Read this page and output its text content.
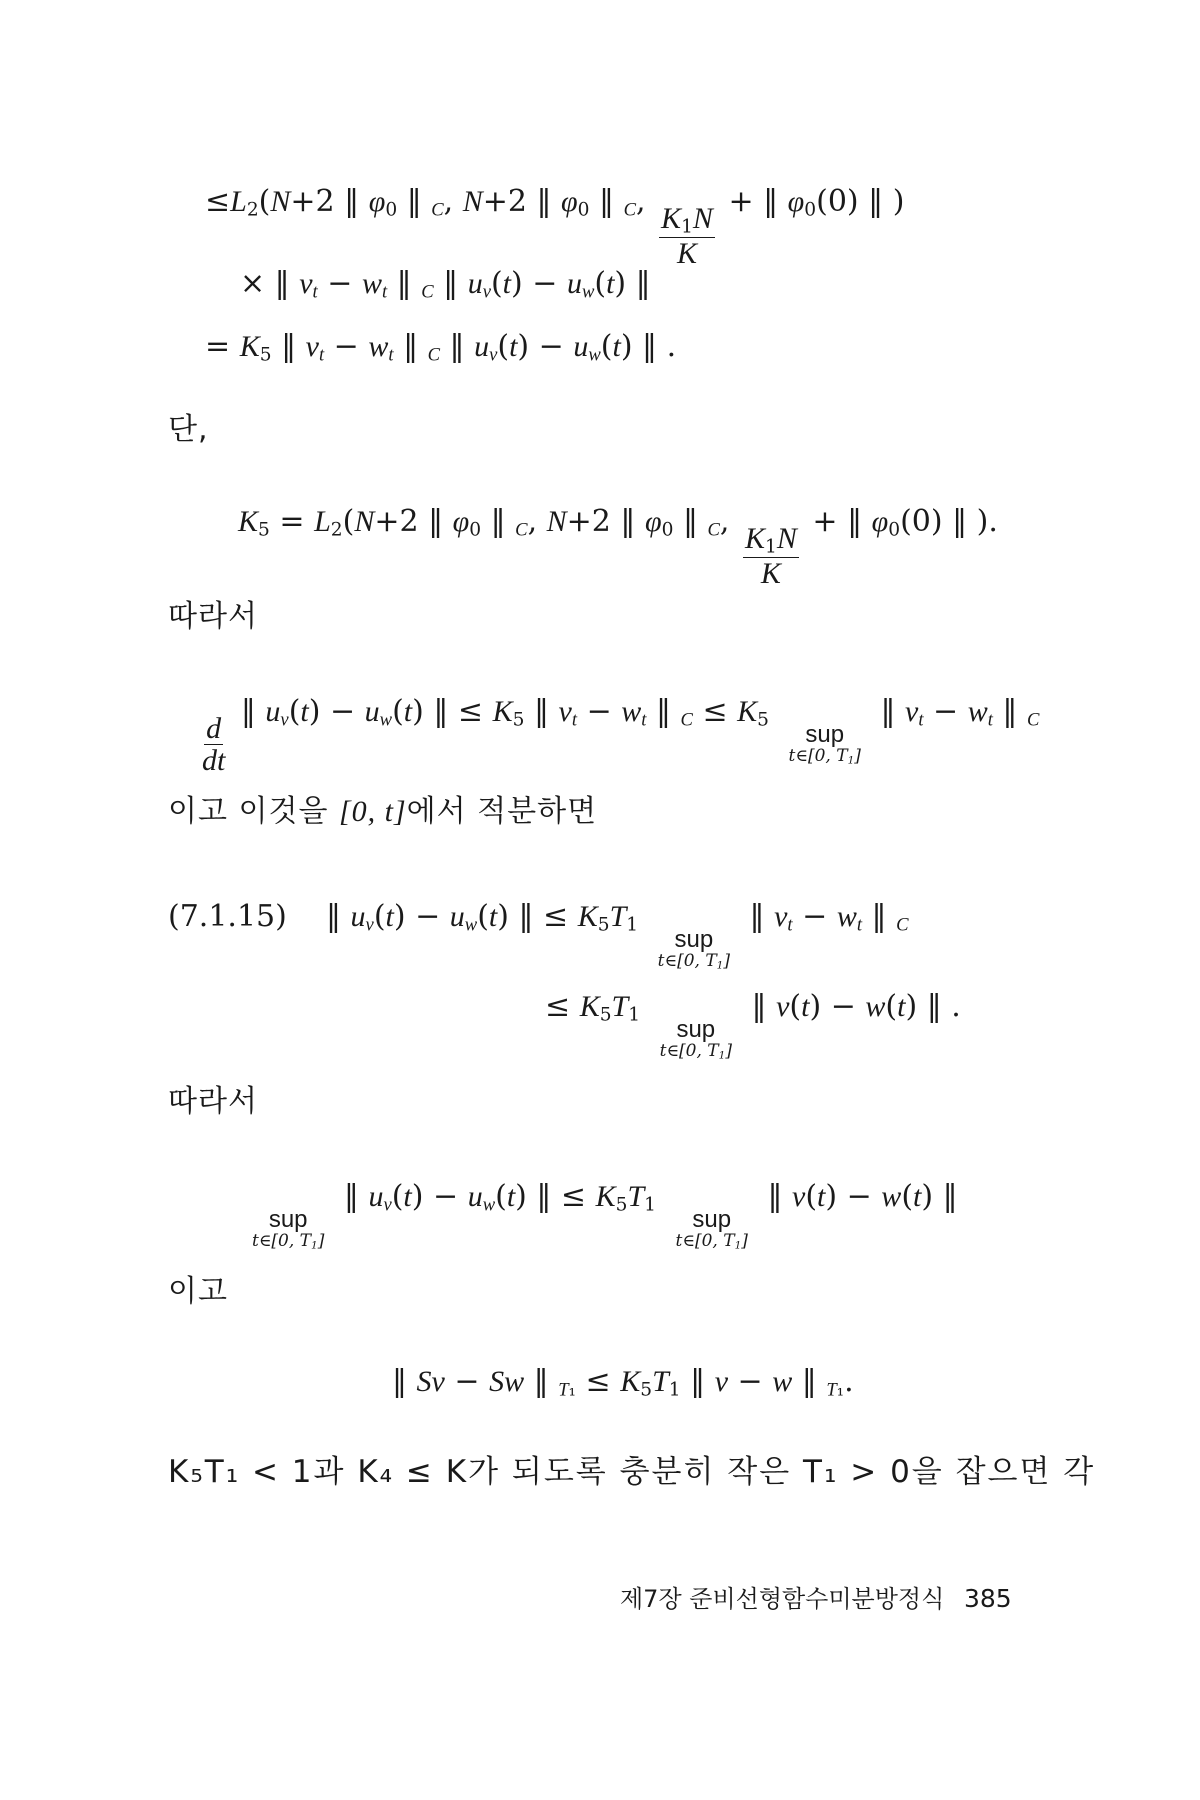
$\le L_2(N+2$ ‖ $\varphi_0$ ‖ $_C$, N+2 ‖ $\varphi_0$ ‖ $_C$,
$\frac{K_1N}{K}$
+ ‖ $\varphi_0(0)$ ‖ )
× ‖ $v_t - w_t$ ‖ $_C$ ‖ $u_v(t) - u_w(t)$ ‖
= $K_5$ ‖ $v_t - w_t$ ‖ $_C$ ‖ $u_v(t) - u_w(t)$ ‖ .
단,
$K_5 = L_2(N+2$ ‖ $\varphi_0$ ‖ $_C$, N+2 ‖ $\varphi_0$ ‖ $_C$,
$\frac{K_1N}{K}$
+ ‖ $\varphi_0(0)$ ‖ ).
따라서
$\frac{d}{dt}$
‖ $u_v(t) - u_w(t)$ ‖ ≤ $K_5$ ‖ $v_t - w_t$ ‖ $_C \le K_5$
sup
t∈[0, $T_1$]
‖ $v_t - w_t$ ‖ $_C$
이고 이것을 [0, t]에서 적분하면
(7.1.15) ‖ $u_v(t) - u_w(t)$ ‖ ≤ $K_5T_1$
sup
t∈[0, $T_1$]
‖ $v_t - w_t$ ‖ $_C$
≤ $K_5T_1$
sup
t∈[0, $T_1$]
‖ v(t) − w(t) ‖ .
따라서
sup
t∈[0, $T_1$]
‖ $u_v(t) - u_w(t)$ ‖ ≤ $K_5T_1$
sup
t∈[0, $T_1$]
‖ v(t) − w(t) ‖
이고
‖ Sv − Sw ‖ $_{T_1} \le K_5T_1$ ‖ v − w ‖ $_{T_1}$.
K₅T₁ < 1과 K₄ ≤ K가 되도록 충분히 작은 T₁ > 0을 잡으면 각
제7장 준비선형함수미분방정식 385
